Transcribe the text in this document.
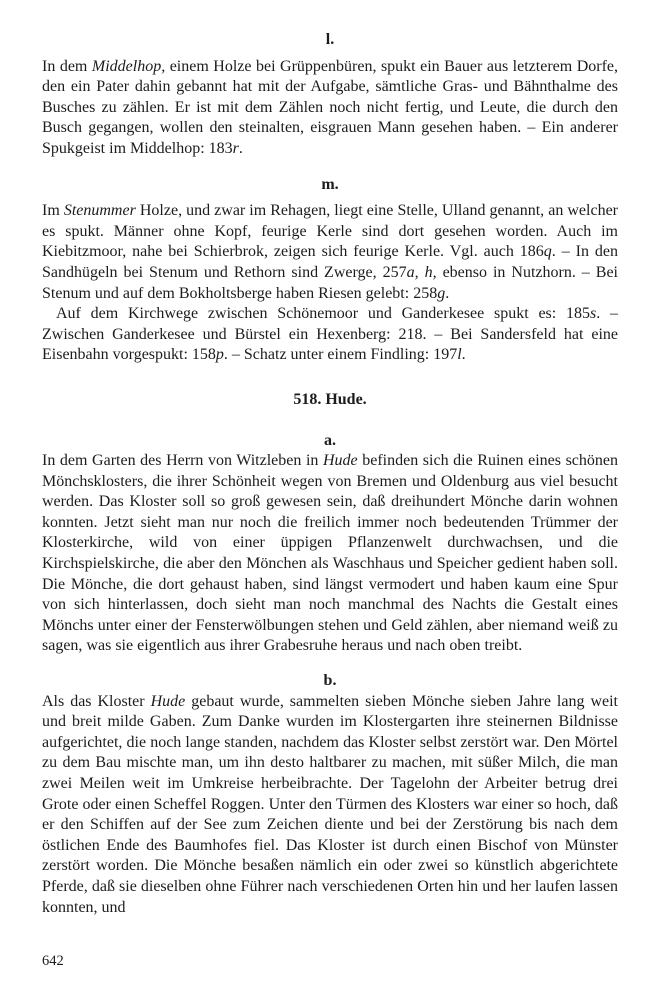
l.

In dem Middelhop, einem Holze bei Grüppenbüren, spukt ein Bauer aus letzterem Dorfe, den ein Pater dahin gebannt hat mit der Aufgabe, sämtliche Gras- und Bähnthalme des Busches zu zählen. Er ist mit dem Zählen noch nicht fertig, und Leute, die durch den Busch gegangen, wollen den steinalten, eisgrauen Mann gesehen haben. – Ein anderer Spukgeist im Middelhop: 183r.

m.

Im Stenummer Holze, und zwar im Rehagen, liegt eine Stelle, Ulland genannt, an welcher es spukt. Männer ohne Kopf, feurige Kerle sind dort gesehen worden. Auch im Kiebitzmoor, nahe bei Schierbrok, zeigen sich feurige Kerle. Vgl. auch 186q. – In den Sandhügeln bei Stenum und Rethorn sind Zwerge, 257a, h, ebenso in Nutzhorn. – Bei Stenum und auf dem Bokholtsberge haben Riesen gelebt: 258g.

Auf dem Kirchwege zwischen Schönemoor und Ganderkesee spukt es: 185s. – Zwischen Ganderkesee und Bürstel ein Hexenberg: 218. – Bei Sandersfeld hat eine Eisenbahn vorgespukt: 158p. – Schatz unter einem Findling: 197l.

518. Hude.
a.

In dem Garten des Herrn von Witzleben in Hude befinden sich die Ruinen eines schönen Mönchsklosters, die ihrer Schönheit wegen von Bremen und Oldenburg aus viel besucht werden. Das Kloster soll so groß gewesen sein, daß dreihundert Mönche darin wohnen konnten. Jetzt sieht man nur noch die freilich immer noch bedeutenden Trümmer der Klosterkirche, wild von einer üppigen Pflanzenwelt durchwachsen, und die Kirchspielskirche, die aber den Mönchen als Waschhaus und Speicher gedient haben soll. Die Mönche, die dort gehaust haben, sind längst vermodert und haben kaum eine Spur von sich hinterlassen, doch sieht man noch manchmal des Nachts die Gestalt eines Mönchs unter einer der Fensterwölbungen stehen und Geld zählen, aber niemand weiß zu sagen, was sie eigentlich aus ihrer Grabesruhe heraus und nach oben treibt.

b.

Als das Kloster Hude gebaut wurde, sammelten sieben Mönche sieben Jahre lang weit und breit milde Gaben. Zum Danke wurden im Klostergarten ihre steinernen Bildnisse aufgerichtet, die noch lange standen, nachdem das Kloster selbst zerstört war. Den Mörtel zu dem Bau mischte man, um ihn desto haltbarer zu machen, mit süßer Milch, die man zwei Meilen weit im Umkreise herbeibrachte. Der Tagelohn der Arbeiter betrug drei Grote oder einen Scheffel Roggen. Unter den Türmen des Klosters war einer so hoch, daß er den Schiffen auf der See zum Zeichen diente und bei der Zerstörung bis nach dem östlichen Ende des Baumhofes fiel. Das Kloster ist durch einen Bischof von Münster zerstört worden. Die Mönche besaßen nämlich ein oder zwei so künstlich abgerichtete Pferde, daß sie dieselben ohne Führer nach verschiedenen Orten hin und her laufen lassen konnten, und

642
